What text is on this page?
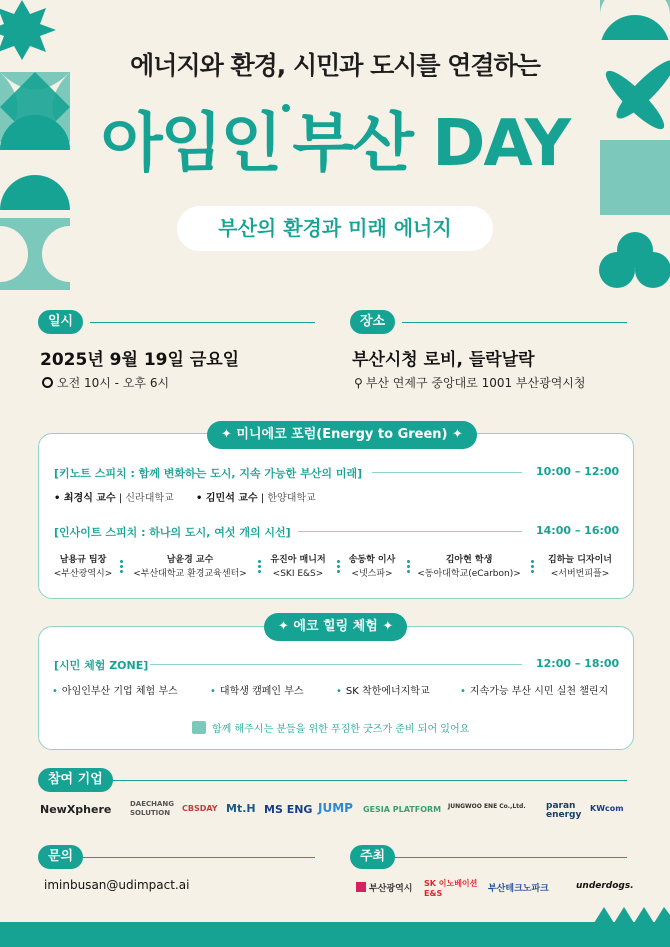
에너지와 환경, 시민과 도시를 연결하는
아임인 부산 DAY
부산의 환경과 미래 에너지
일시
2025년 9월 19일 금요일
오전 10시 - 오후 6시
장소
부산시청 로비, 들락날락
⚲ 부산 연제구 중앙대로 1001 부산광역시청
✦ 미니에코 포럼(Energy to Green) ✦
[키노트 스피치 : 함께 변화하는 도시, 지속 가능한 부산의 미래]	10:00 – 12:00
• 최경식 교수 | 신라대학교 • 김민석 교수 | 한양대학교
[인사이트 스피치 : 하나의 도시, 여섯 개의 시선]	14:00 – 16:00
남용규 팀장
<부산광역시>
남윤경 교수
<부산대학교 환경교육센터>
유진아 매니저
<SKI E&S>
송동학 이사
<넷스파>
김아현 학생
<동아대학교(eCarbon)>
김하늘 디자이너
<서버번피플>
✦ 에코 힐링 체험 ✦
[시민 체험 ZONE]	12:00 – 18:00
• 아임인부산 기업 체험 부스	• 대학생 캠페인 부스	• SK 착한에너지학교	• 지속가능 부산 시민 실천 챌린지
함께 해주시는 분들을 위한 푸짐한 굿즈가 준비 되어 있어요
참여 기업
NewXphere	DAECHANG SOLUTION	CBSDAY Mt.H MS ENG JUMP GESIA PLATFORM JUNGWOO ENE Co.,Ltd.	paran energy
KWcom
문의
iminbusan@udimpact.ai
주최
부산광역시
SK 이노베이션 E&S	부산테크노파크	underdogs.
